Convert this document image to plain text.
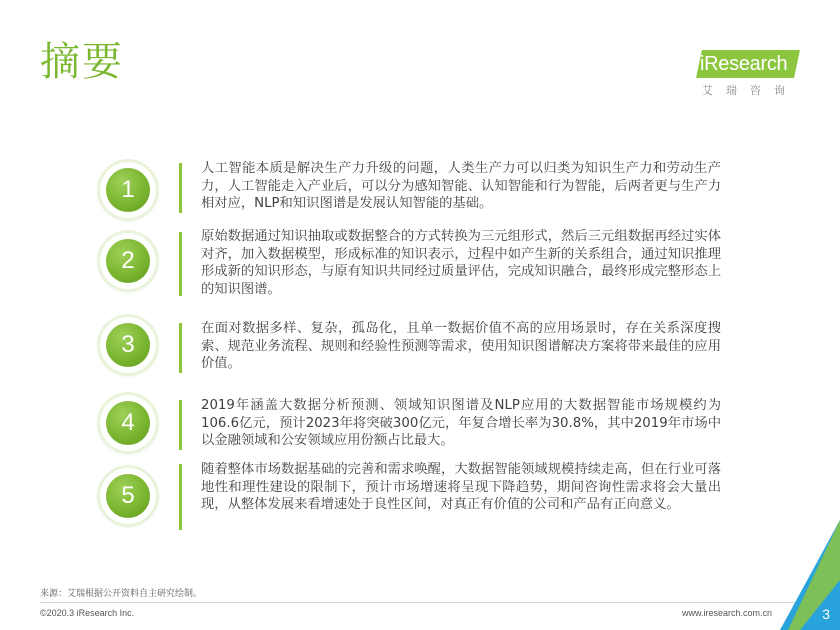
摘要	iResearch
艾瑞咨询
1
人工智能本质是解决生产力升级的问题，人类生产力可以归类为知识生产力和劳动生产力，人工智能走入产业后，可以分为感知智能、认知智能和行为智能，后两者更与生产力相对应，NLP和知识图谱是发展认知智能的基础。
2
原始数据通过知识抽取或数据整合的方式转换为三元组形式，然后三元组数据再经过实体对齐，加入数据模型，形成标准的知识表示，过程中如产生新的关系组合，通过知识推理形成新的知识形态，与原有知识共同经过质量评估，完成知识融合，最终形成完整形态上的知识图谱。
3
在面对数据多样、复杂，孤岛化，且单一数据价值不高的应用场景时，存在关系深度搜索、规范业务流程、规则和经验性预测等需求，使用知识图谱解决方案将带来最佳的应用价值。
4
2019年涵盖大数据分析预测、领域知识图谱及NLP应用的大数据智能市场规模约为106.6亿元，预计2023年将突破300亿元，年复合增长率为30.8%，其中2019年市场中以金融领域和公安领域应用份额占比最大。
5
随着整体市场数据基础的完善和需求唤醒，大数据智能领域规模持续走高，但在行业可落地性和理性建设的限制下，预计市场增速将呈现下降趋势，期间咨询性需求将会大量出现，从整体发展来看增速处于良性区间，对真正有价值的公司和产品有正向意义。
来源：艾瑞根据公开资料自主研究绘制。
©2020.3 iResearch Inc.	www.iresearch.com.cn	3
